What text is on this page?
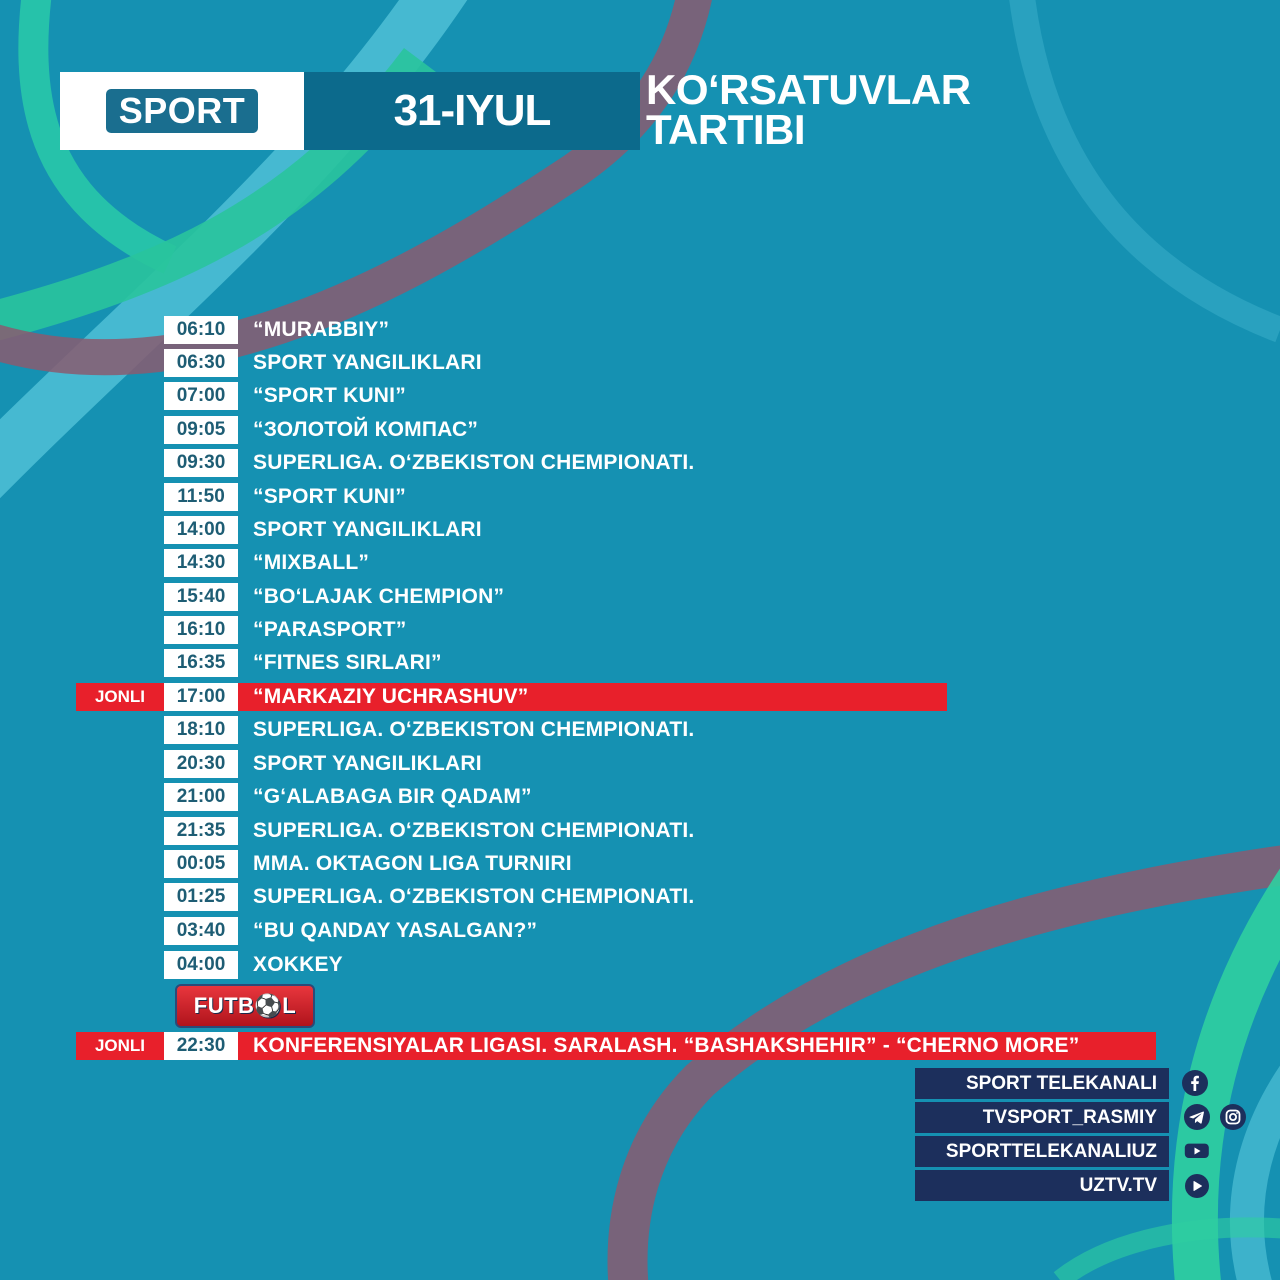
SPORT	31-IYUL KO‘RSATUVLAR
TARTIBI
06:10	“MURABBIY”
06:30	SPORT YANGILIKLARI
07:00	“SPORT KUNI”
09:05	“ЗОЛОТОЙ КОМПАС”
09:30	SUPERLIGA. O‘ZBEKISTON CHEMPIONATI.
11:50	“SPORT KUNI”
14:00	SPORT YANGILIKLARI
14:30	“MIXBALL”
15:40	“BO‘LAJAK CHEMPION”
16:10	“PARASPORT”
16:35	“FITNES SIRLARI”
JONLI	17:00	“MARKAZIY UCHRASHUV”
18:10	SUPERLIGA. O‘ZBEKISTON CHEMPIONATI.
20:30	SPORT YANGILIKLARI
21:00	“G‘ALABAGA BIR QADAM”
21:35	SUPERLIGA. O‘ZBEKISTON CHEMPIONATI.
00:05	MMA. OKTAGON LIGA TURNIRI
01:25	SUPERLIGA. O‘ZBEKISTON CHEMPIONATI.
03:40	“BU QANDAY YASALGAN?”
04:00	XOKKEY
FUTB⚽L
JONLI	22:30	KONFERENSIYALAR LIGASI. SARALASH. “BASHAKSHEHIR” - “CHERNO MORE”
SPORT TELEKANALI
TVSPORT_RASMIY
SPORTTELEKANALIUZ
UZTV.TV
